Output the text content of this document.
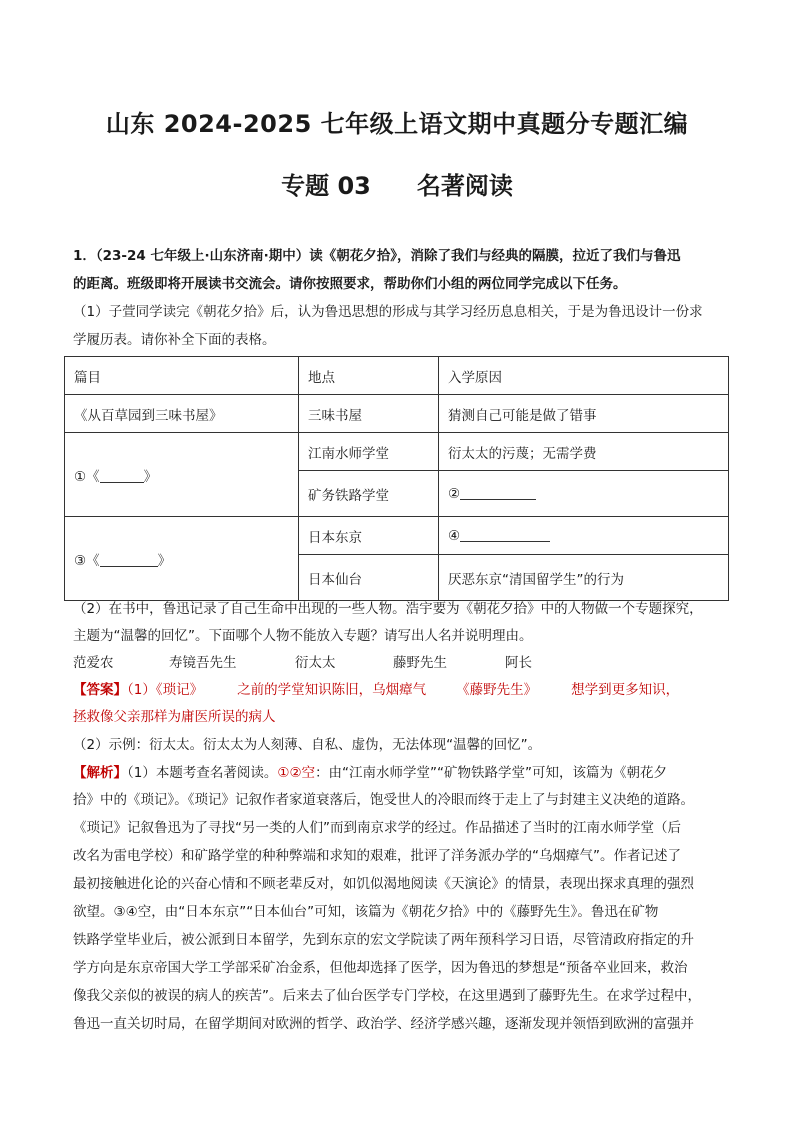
山东 2024-2025 七年级上语文期中真题分专题汇编
专题 03 名著阅读
1．（23-24 七年级上·山东济南·期中）读《朝花夕拾》，消除了我们与经典的隔膜，拉近了我们与鲁迅
的距离。班级即将开展读书交流会。请你按照要求，帮助你们小组的两位同学完成以下任务。
（1）子萱同学读完《朝花夕拾》后，认为鲁迅思想的形成与其学习经历息息相关，于是为鲁迅设计一份求
学履历表。请你补全下面的表格。
篇目	地点	入学原因
《从百草园到三味书屋》	三味书屋	猜测自己可能是做了错事
①《 》	江南水师学堂	衍太太的污蔑；无需学费
	矿务铁路学堂	②
③《 》	日本东京	④
	日本仙台	厌恶东京“清国留学生”的行为
（2）在书中，鲁迅记录了自己生命中出现的一些人物。浩宇要为《朝花夕拾》中的人物做一个专题探究，
主题为“温馨的回忆”。下面哪个人物不能放入专题？请写出人名并说明理由。
范爱农	寿镜吾先生	衍太太	藤野先生	阿长
【答案】（1）《琐记》	之前的学堂知识陈旧，乌烟瘴气 《藤野先生》	想学到更多知识，
拯救像父亲那样为庸医所误的病人
（2）示例：衍太太。衍太太为人刻薄、自私、虚伪，无法体现“温馨的回忆”。
【解析】（1）本题考查名著阅读。①②空：由“江南水师学堂”“矿物铁路学堂”可知，该篇为《朝花夕
拾》中的《琐记》。《琐记》记叙作者家道衰落后，饱受世人的冷眼而终于走上了与封建主义决绝的道路。
《琐记》记叙鲁迅为了寻找“另一类的人们”而到南京求学的经过。作品描述了当时的江南水师学堂（后
改名为雷电学校）和矿路学堂的种种弊端和求知的艰难，批评了洋务派办学的“乌烟瘴气”。作者记述了
最初接触进化论的兴奋心情和不顾老辈反对，如饥似渴地阅读《天演论》的情景，表现出探求真理的强烈
欲望。③④空，由“日本东京”“日本仙台”可知，该篇为《朝花夕拾》中的《藤野先生》。鲁迅在矿物
铁路学堂毕业后，被公派到日本留学，先到东京的宏文学院读了两年预科学习日语，尽管清政府指定的升
学方向是东京帝国大学工学部采矿冶金系，但他却选择了医学，因为鲁迅的梦想是“预备卒业回来，救治
像我父亲似的被误的病人的疾苦”。后来去了仙台医学专门学校，在这里遇到了藤野先生。在求学过程中，
鲁迅一直关切时局，在留学期间对欧洲的哲学、政治学、经济学感兴趣，逐渐发现并领悟到欧洲的富强并
